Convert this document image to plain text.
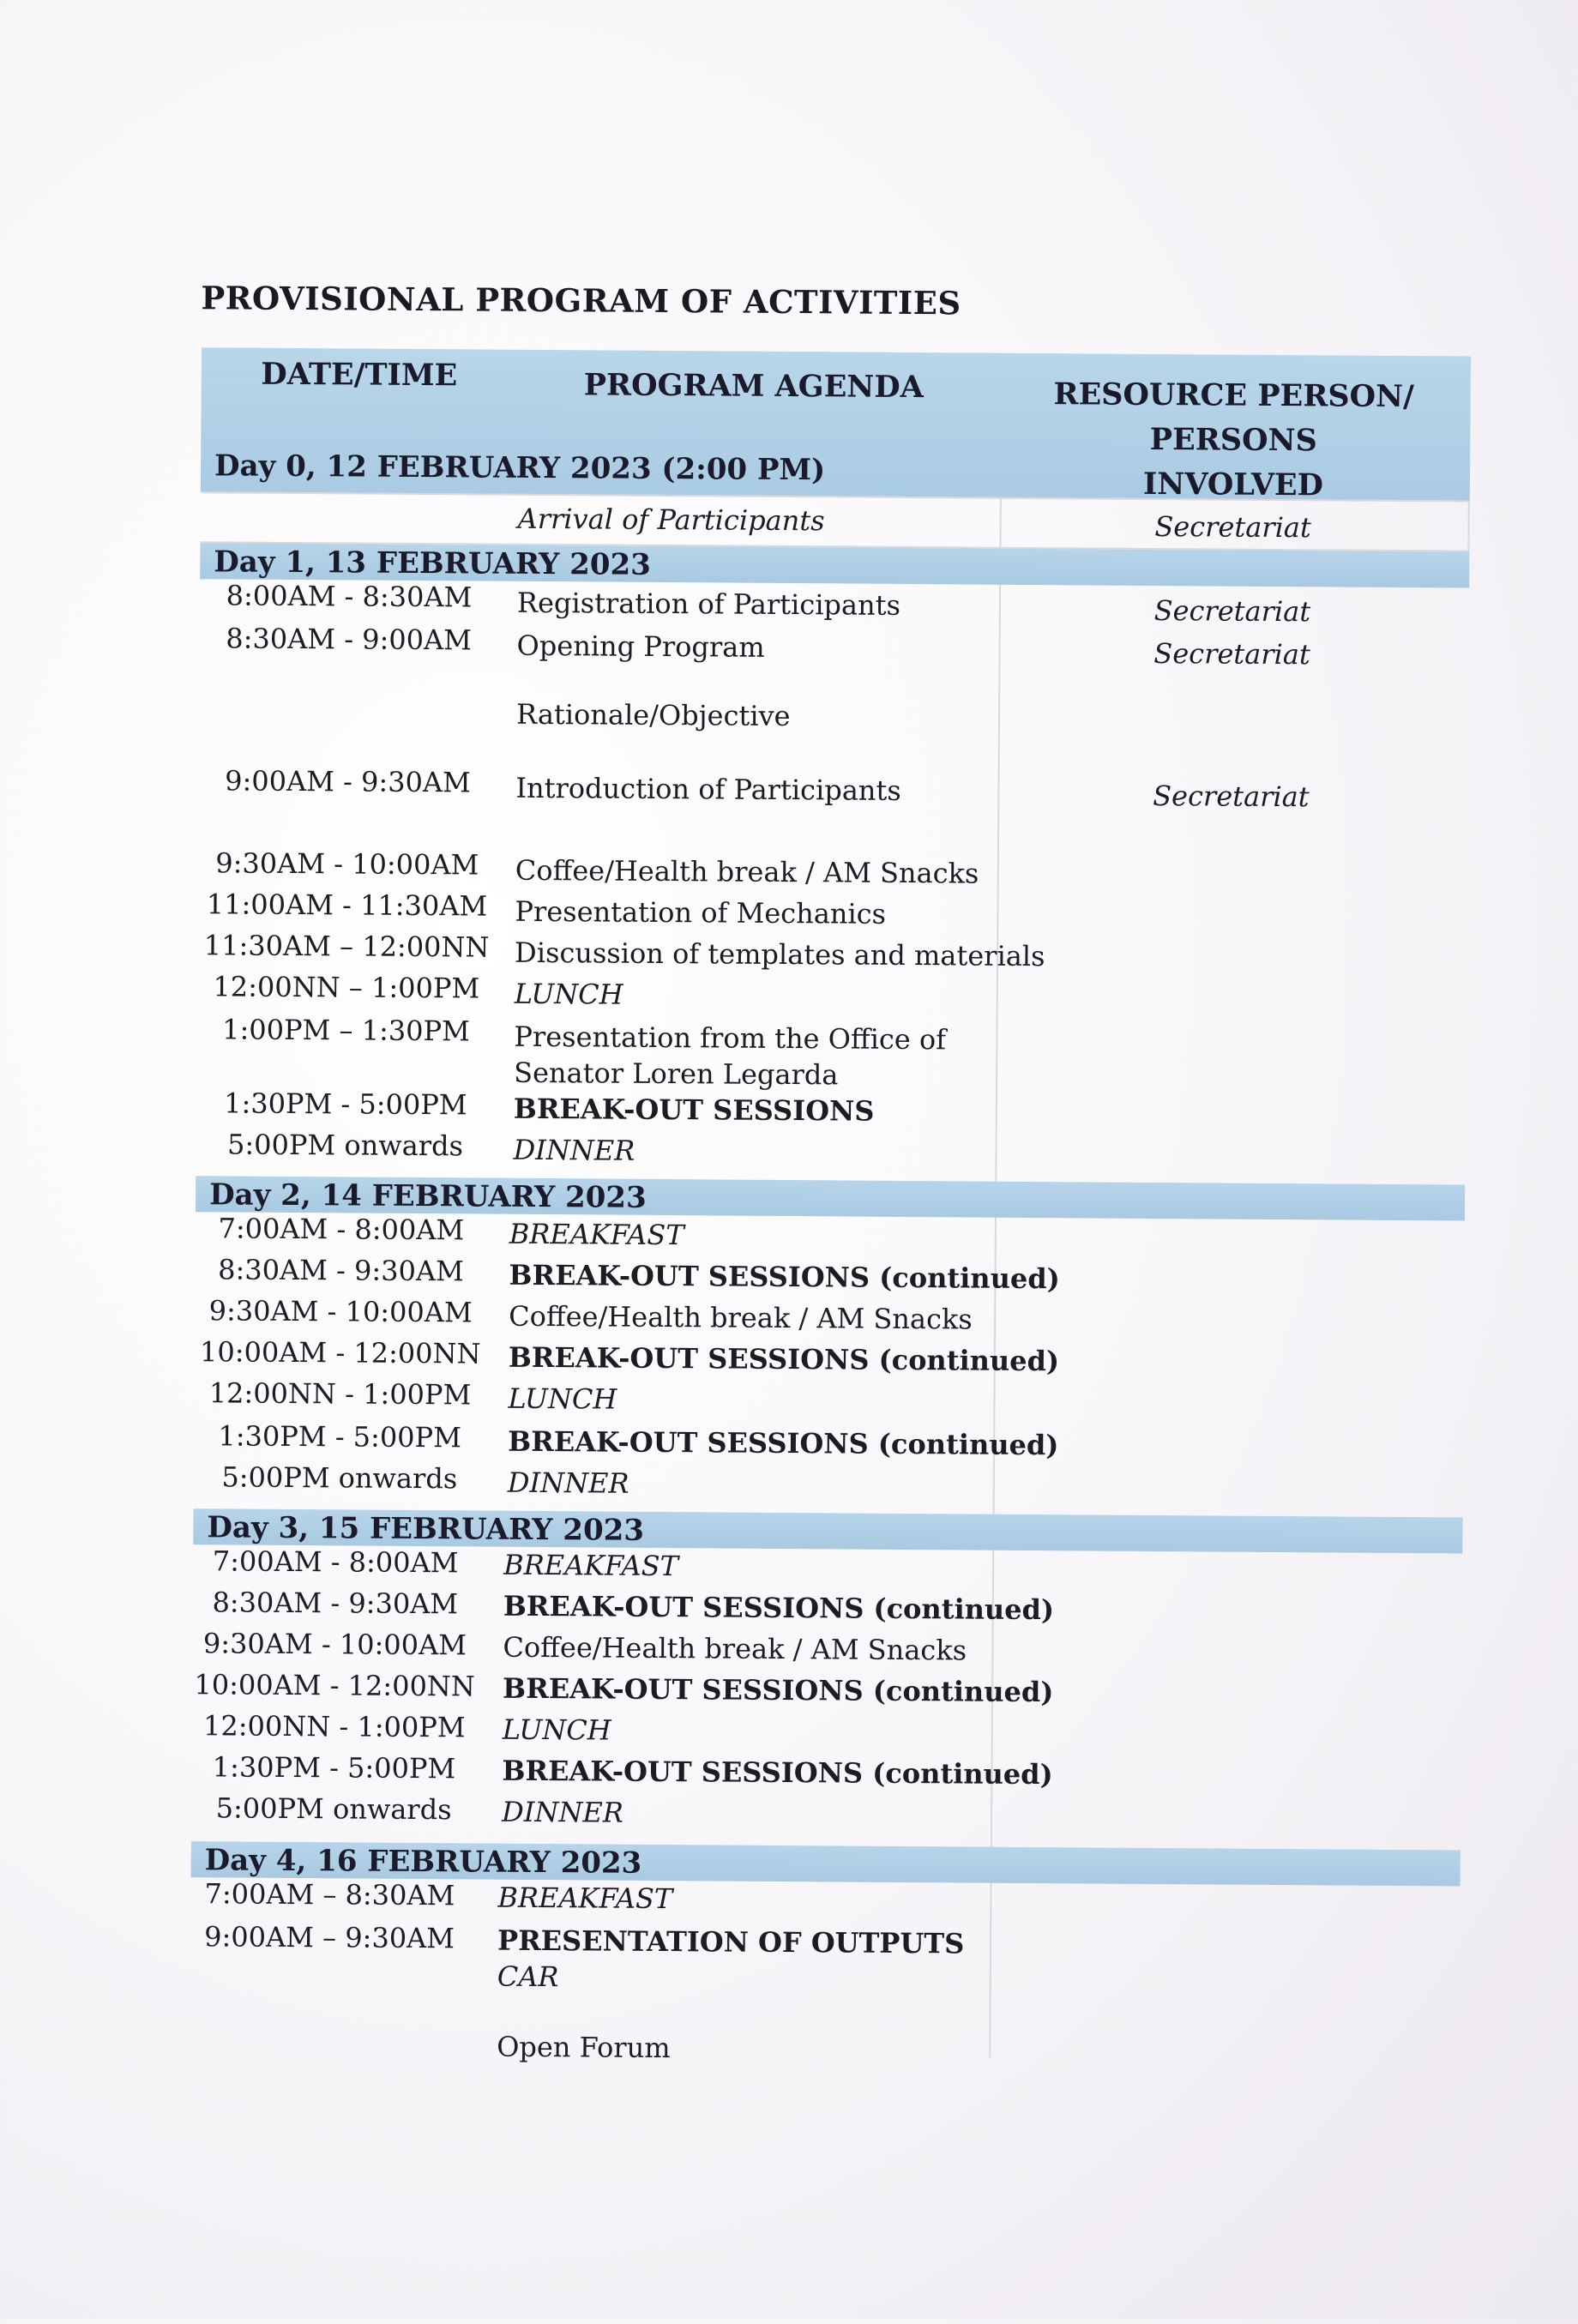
PROVISIONAL PROGRAM OF ACTIVITIES
DATE/TIME	PROGRAM AGENDA	RESOURCE PERSON/ PERSONS
INVOLVED
Day 0, 12 FEBRUARY 2023 (2:00 PM)
Arrival of Participants	Secretariat
Day 1, 13 FEBRUARY 2023
8:00AM - 8:30AM	Registration of Participants	Secretariat
8:30AM - 9:00AM	Opening Program	Secretariat
Rationale/Objective
9:00AM - 9:30AM	Introduction of Participants	Secretariat
9:30AM - 10:00AM	Coffee/Health break / AM Snacks
11:00AM - 11:30AM Presentation of Mechanics
11:30AM – 12:00NN Discussion of templates and materials
12:00NN – 1:00PM	LUNCH
1:00PM – 1:30PM	Presentation from the Office of
Senator Loren Legarda
1:30PM - 5:00PM	BREAK-OUT SESSIONS
5:00PM onwards	DINNER
Day 2, 14 FEBRUARY 2023
7:00AM - 8:00AM	BREAKFAST
8:30AM - 9:30AM	BREAK-OUT SESSIONS (continued)
9:30AM - 10:00AM	Coffee/Health break / AM Snacks
10:00AM - 12:00NN BREAK-OUT SESSIONS (continued)
12:00NN - 1:00PM	LUNCH
1:30PM - 5:00PM	BREAK-OUT SESSIONS (continued)
5:00PM onwards	DINNER
Day 3, 15 FEBRUARY 2023
7:00AM - 8:00AM	BREAKFAST
8:30AM - 9:30AM	BREAK-OUT SESSIONS (continued)
9:30AM - 10:00AM	Coffee/Health break / AM Snacks
10:00AM - 12:00NN BREAK-OUT SESSIONS (continued)
12:00NN - 1:00PM	LUNCH
1:30PM - 5:00PM	BREAK-OUT SESSIONS (continued)
5:00PM onwards	DINNER
Day 4, 16 FEBRUARY 2023
7:00AM – 8:30AM	BREAKFAST
9:00AM – 9:30AM	PRESENTATION OF OUTPUTS
CAR
Open Forum
